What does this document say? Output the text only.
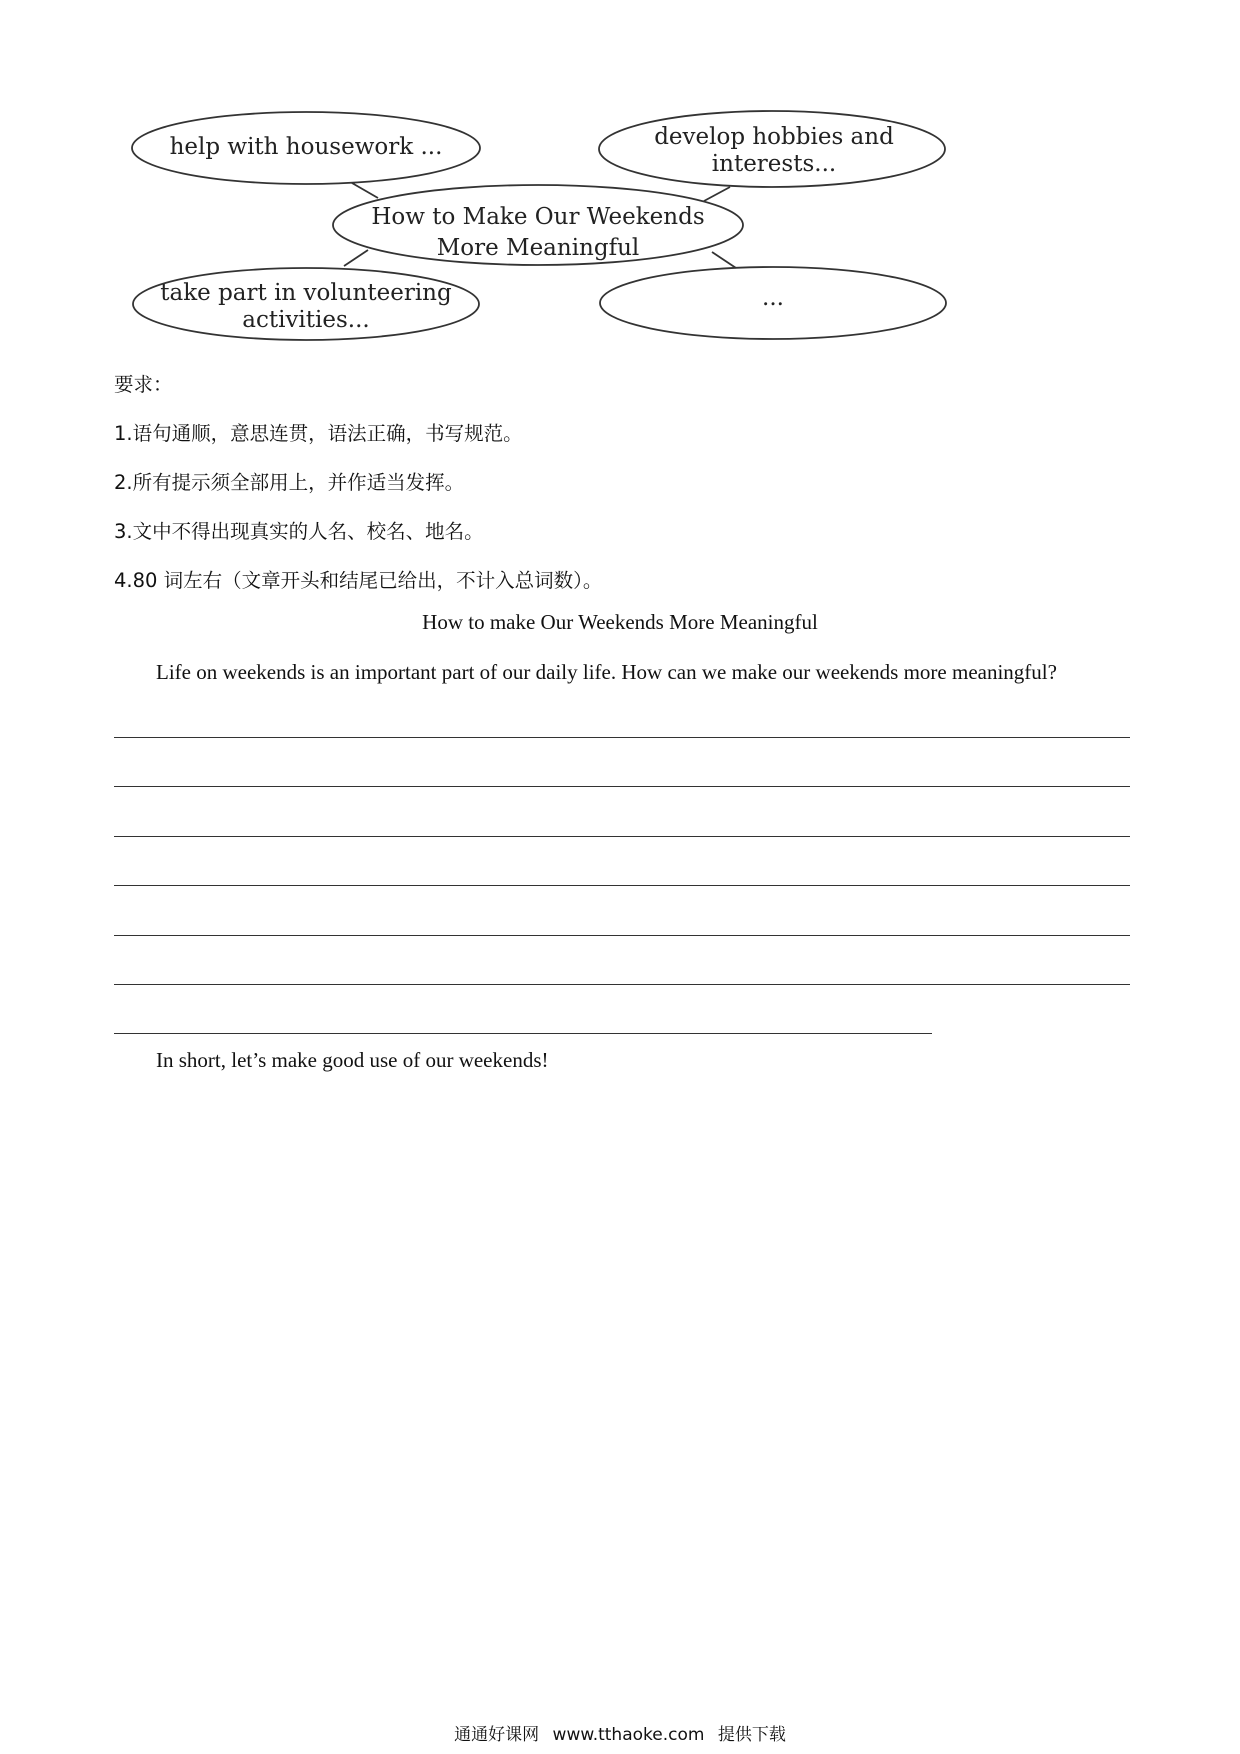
help with housework ...	develop hobbies and
interests...
How to Make Our Weekends
More Meaningful
take part in volunteering
activities...
...
要求：
1.语句通顺，意思连贯，语法正确，书写规范。
2.所有提示须全部用上，并作适当发挥。
3.文中不得出现真实的人名、校名、地名。
4.80 词左右（文章开头和结尾已给出，不计入总词数）。
How to make Our Weekends More Meaningful
Life on weekends is an important part of our daily life. How can we make our weekends more meaningful?
In short, let’s make good use of our weekends!
通通好课网 www.tthaoke.com 提供下载
